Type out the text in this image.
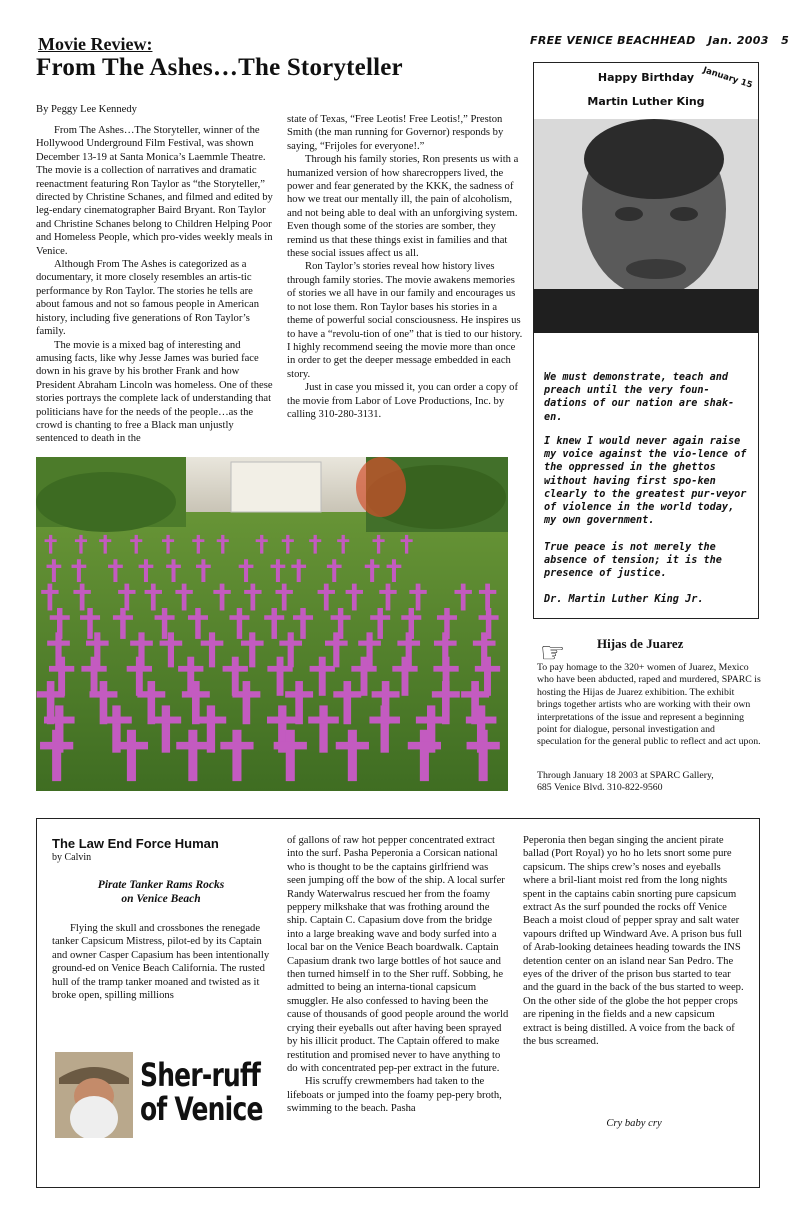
FREE VENICE BEACHHEAD Jan. 2003 5
Movie Review:
From The Ashes…The Storyteller
By Peggy Lee Kennedy

From The Ashes…The Storyteller, winner of the Hollywood Underground Film Festival, was shown December 13-19 at Santa Monica’s Laemmle Theatre. The movie is a collection of narratives and dramatic reenactment featuring Ron Taylor as “the Storyteller,” directed by Christine Schanes, and filmed and edited by leg-endary cinematographer Baird Bryant. Ron Taylor and Christine Schanes belong to Children Helping Poor and Homeless People, which pro-vides weekly meals in Venice.

Although From The Ashes is categorized as a documentary, it more closely resembles an artis-tic performance by Ron Taylor. The stories he tells are about famous and not so famous people in American history, including five generations of Ron Taylor’s family.

The movie is a mixed bag of interesting and amusing facts, like why Jesse James was buried face down in his grave by his brother Frank and how President Abraham Lincoln was homeless. One of these stories portrays the complete lack of understanding that politicians have for the needs of the people…as the crowd is chanting to free a Black man unjustly sentenced to death in the

state of Texas, “Free Leotis! Free Leotis!,” Preston Smith (the man running for Governor) responds by saying, “Frijoles for everyone!.”

Through his family stories, Ron presents us with a humanized version of how sharecroppers lived, the power and fear generated by the KKK, the sadness of how we treat our mentally ill, the pain of alcoholism, and not being able to deal with an unforgiving system. Even though some of the stories are somber, they remind us that these things exist in families and that these social issues affect us all.

Ron Taylor’s stories reveal how history lives through family stories. The movie awakens memories of stories we all have in our family and encourages us to not lose them. Ron Taylor bases his stories in a theme of powerful social consciousness. He inspires us to have a “revolu-tion of one” that is tied to our history. I highly recommend seeing the movie more than once in order to get the deeper message embedded in each story.

Just in case you missed it, you can order a copy of the movie from Labor of Love Productions, Inc. by calling 310-280-3131.

Happy Birthday
Martin Luther King
January 15
We must demonstrate, teach and preach until the very foun-dations of our nation are shak-en.
I knew I would never again raise my voice against the vio-lence of the oppressed in the ghettos without having first spo-ken clearly to the greatest pur-veyor of violence in the world today, my own government.
True peace is not merely the absence of tension; it is the presence of justice.
Dr. Martin Luther King Jr.
☞ Hijas de Juarez
To pay homage to the 320+ women of Juarez, Mexico who have been abducted, raped and murdered, SPARC is hosting the Hijas de Juarez exhibition. The exhibit brings together artists who are working with their own interpretations of the issue and represent a beginning point for dialogue, personal investigation and speculation for the general public to reflect and act upon.
Through January 18 2003 at SPARC Gallery,
685 Venice Blvd. 310-822-9560
The Law End Force Human
by Calvin
Pirate Tanker Rams Rocks
on Venice Beach

Flying the skull and crossbones the renegade tanker Capsicum Mistress, pilot-ed by its Captain and owner Casper Capasium has been intentionally ground-ed on Venice Beach California. The rusted hull of the tramp tanker moaned and twisted as it broke open, spilling millions

Sher-ruff
of Venice

of gallons of raw hot pepper concentrated extract into the surf. Pasha Peperonia a Corsican national who is thought to be the captains girlfriend was seen jumping off the bow of the ship. A local surfer Randy Waterwalrus rescued her from the foamy peppery milkshake that was frothing around the ship. Captain C. Capasium dove from the bridge into a large breaking wave and body surfed into a local bar on the Venice Beach boardwalk. Captain Capasium drank two large bottles of hot sauce and then turned himself in to the Sher ruff. Sobbing, he admitted to being an interna-tional capsicum smuggler. He also confessed to having been the cause of thousands of good people around the world crying their eyeballs out after having been sprayed by his illicit product. The Captain offered to make restitution and promised never to have anything to do with concentrated pep-per extract in the future.

His scruffy crewmembers had taken to the lifeboats or jumped into the foamy pep-pery broth, swimming to the beach. Pasha

Peperonia then began singing the ancient pirate ballad (Port Royal) yo ho ho lets snort some pure capsicum. The ships crew’s noses and eyeballs where a bril-liant moist red from the long nights spent in the captains cabin snorting pure capsicum extract As the surf pounded the rocks off Venice Beach a moist cloud of pepper spray and salt water vapours drifted up Windward Ave. A prison bus full of Arab-looking detainees heading towards the INS detention center on an island near San Pedro. The eyes of the driver of the prison bus started to tear and the guard in the back of the bus started to weep. On the other side of the globe the hot pepper crops are ripening in the fields and a new capsicum extract is being distilled. A voice from the back of the bus screamed.

Cry baby cry
